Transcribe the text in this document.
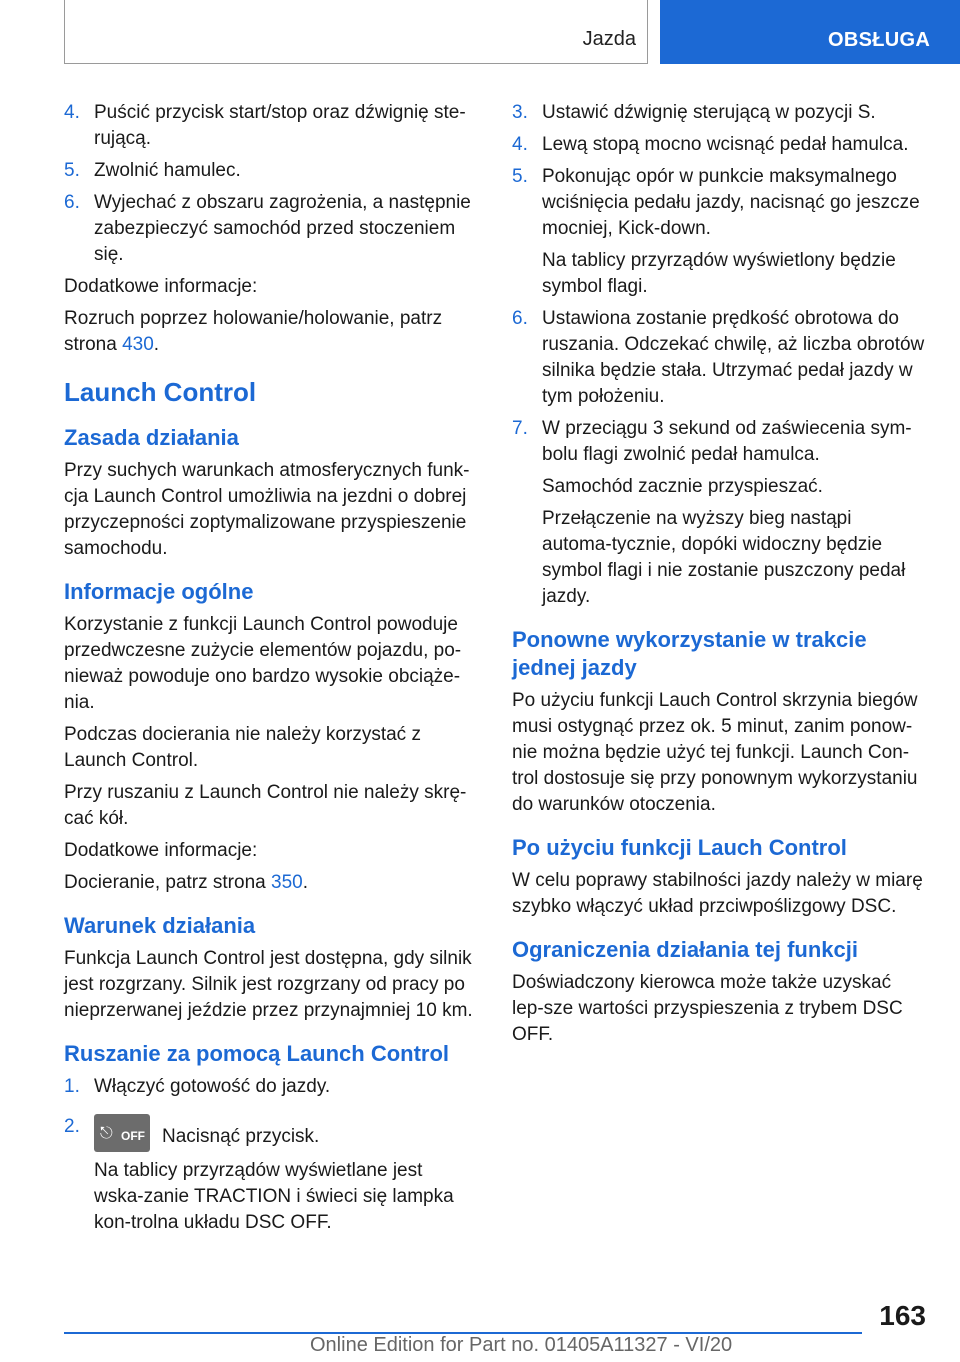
Jazda	OBSŁUGA
4. Puścić przycisk start/stop oraz dźwignię ste-rującą.
5. Zwolnić hamulec.
6. Wyjechać z obszaru zagrożenia, a następnie zabezpieczyć samochód przed stoczeniem się.

Dodatkowe informacje:

Rozruch poprzez holowanie/holowanie, patrz strona 430.

Launch Control
Zasada działania

Przy suchych warunkach atmosferycznych funk-cja Launch Control umożliwia na jezdni o dobrej przyczepności zoptymalizowane przyspieszenie samochodu.

Informacje ogólne

Korzystanie z funkcji Launch Control powoduje przedwczesne zużycie elementów pojazdu, po-nieważ powoduje ono bardzo wysokie obciąże-nia.

Podczas docierania nie należy korzystać z Launch Control.

Przy ruszaniu z Launch Control nie należy skrę-cać kół.

Dodatkowe informacje:

Docieranie, patrz strona 350.

Warunek działania

Funkcja Launch Control jest dostępna, gdy silnik jest rozgrzany. Silnik jest rozgrzany od pracy po nieprzerwanej jeździe przez przynajmniej 10 km.

Ruszanie za pomocą Launch Control
1. Włączyć gotowość do jazdy.
2. ⎋ OFF Nacisnąć przycisk.

Na tablicy przyrządów wyświetlane jest wska-zanie TRACTION i świeci się lampka kon-trolna układu DSC OFF.

3. Ustawić dźwignię sterującą w pozycji S.
4. Lewą stopą mocno wcisnąć pedał hamulca.
5. Pokonując opór w punkcie maksymalnego wciśnięcia pedału jazdy, nacisnąć go jeszcze mocniej, Kick-down.

Na tablicy przyrządów wyświetlony będzie symbol flagi.

6. Ustawiona zostanie prędkość obrotowa do ruszania. Odczekać chwilę, aż liczba obrotów silnika będzie stała. Utrzymać pedał jazdy w tym położeniu.
7. W przeciągu 3 sekund od zaświecenia sym-bolu flagi zwolnić pedał hamulca.

Samochód zacznie przyspieszać.

Przełączenie na wyższy bieg nastąpi automa-tycznie, dopóki widoczny będzie symbol flagi i nie zostanie puszczony pedał jazdy.

Ponowne wykorzystanie w trakcie jednej jazdy

Po użyciu funkcji Lauch Control skrzynia biegów musi ostygnąć przez ok. 5 minut, zanim ponow-nie można będzie użyć tej funkcji. Launch Con-trol dostosuje się przy ponownym wykorzystaniu do warunków otoczenia.

Po użyciu funkcji Lauch Control

W celu poprawy stabilności jazdy należy w miarę szybko włączyć układ przciwpoślizgowy DSC.

Ograniczenia działania tej funkcji

Doświadczony kierowca może także uzyskać lep-sze wartości przyspieszenia z trybem DSC OFF.

163
Online Edition for Part no. 01405A11327 - VI/20
